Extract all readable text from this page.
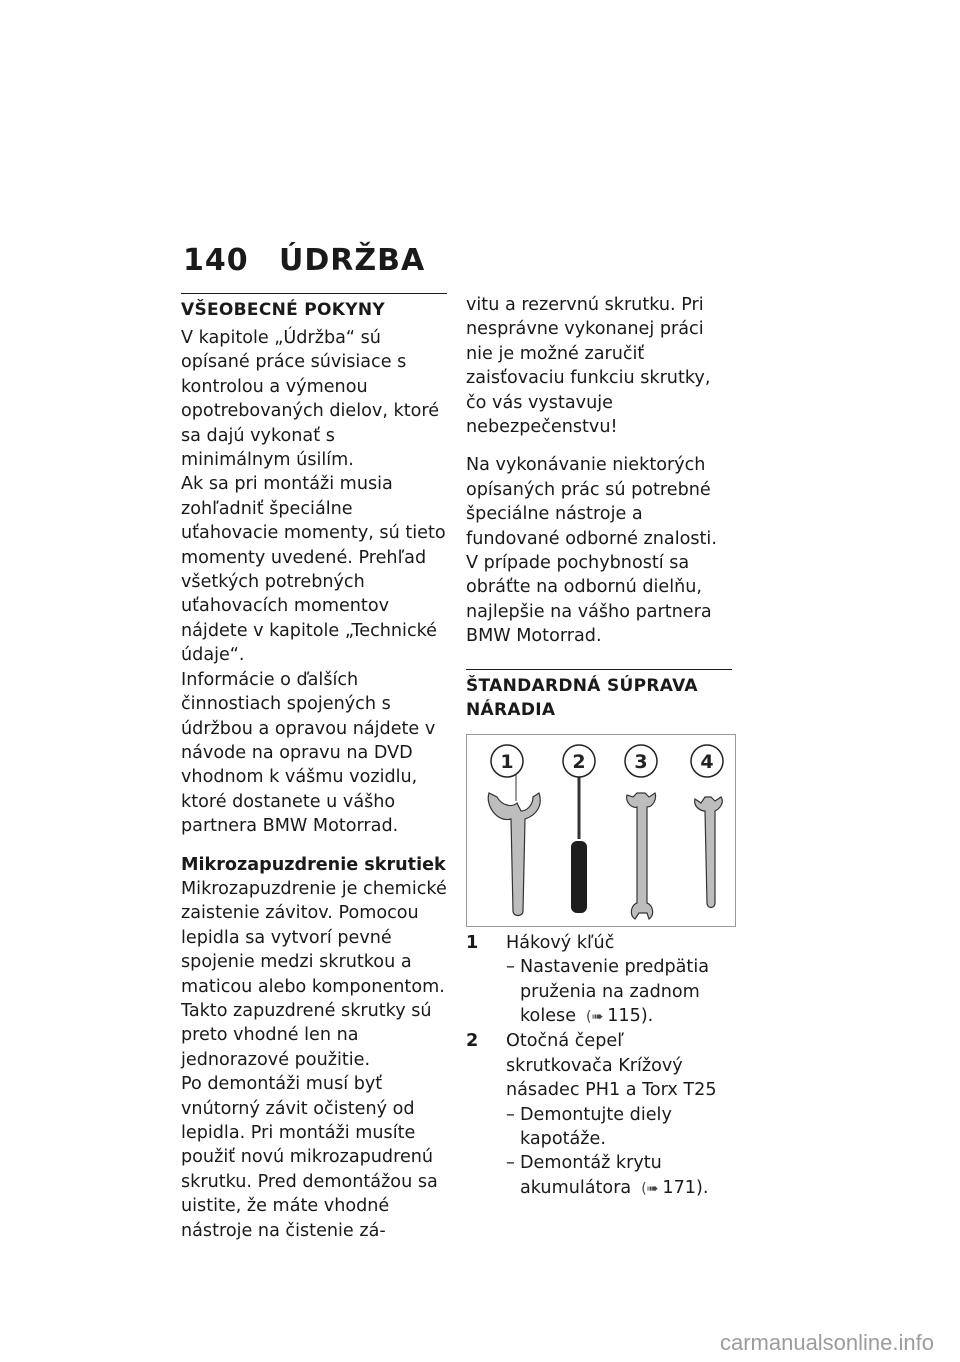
140 ÚDRŽBA
VŠEOBECNÉ POKYNY

V kapitole „Údržba“ sú opísané práce súvisiace s kontrolou a výmenou opotrebovaných dielov, ktoré sa dajú vykonať s minimálnym úsilím.

Ak sa pri montáži musia zohľadniť špeciálne uťahovacie momenty, sú tieto momenty uvedené. Prehľad všetkých potrebných uťahovacích momentov nájdete v kapitole „Technické údaje“.

Informácie o ďalších činnostiach spojených s údržbou a opravou nájdete v návode na opravu na DVD vhodnom k vášmu vozidlu, ktoré dostanete u vášho partnera BMW Motorrad.

Mikrozapuzdrenie skrutiek

Mikrozapuzdrenie je chemické zaistenie závitov. Pomocou lepidla sa vytvorí pevné spojenie medzi skrutkou a maticou alebo komponentom. Takto zapuzdrené skrutky sú preto vhodné len na jednorazové použitie.

Po demontáži musí byť vnútorný závit očistený od lepidla. Pri montáži musíte použiť novú mikrozapudrenú skrutku. Pred demontážou sa uistite, že máte vhodné nástroje na čistenie zá-

vitu a rezervnú skrutku. Pri nesprávne vykonanej práci nie je možné zaručiť zaisťovaciu funkciu skrutky, čo vás vystavuje nebezpečenstvu!

Na vykonávanie niektorých opísaných prác sú potrebné špeciálne nástroje a fundované odborné znalosti. V prípade pochybností sa obráťte na odbornú dielňu, najlepšie na vášho partnera BMW Motorrad.

ŠTANDARDNÁ SÚPRAVA NÁRADIA
1	2	3	4
1	Hákový kľúč
– Nastavenie predpätia pruženia na zadnom kolese (➠ 115).
2	Otočná čepeľ skrutkovača Krížový násadec PH1 a Torx T25
– Demontujte diely kapotáže.
– Demontáž krytu akumulátora (➠ 171).
carmanualsonline.info
